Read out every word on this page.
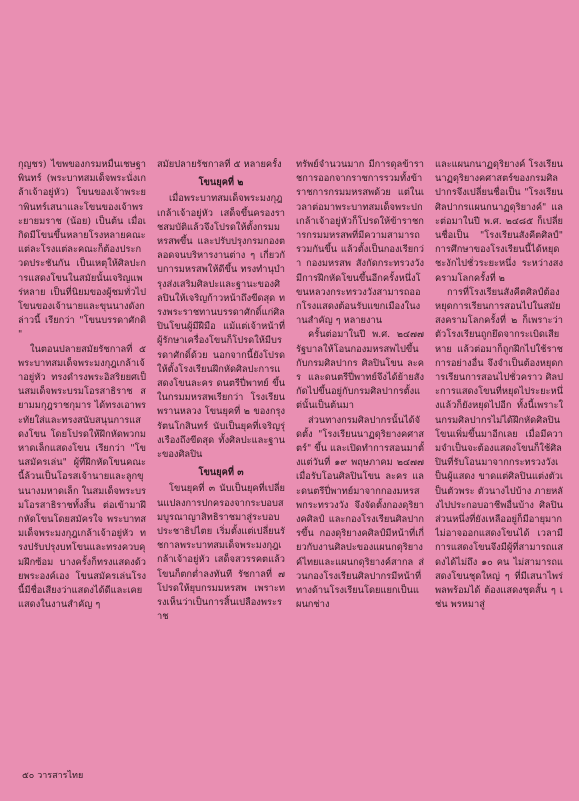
กุญชร) ไขพของกรมหมื่นเชษฐาพินทร์ (พระบาทสมเด็จพระนั่งเกล้าเจ้าอยู่หัว) โขนของเจ้าพระยาพินทร์เสนาและโขนของเจ้าพระยายมราช (น้อย) เป็นต้น เมื่อเกิดมีโขนขึ้นหลายโรงหลายคณะ แต่ละโรงแต่ละคณะก็ต้องประกวดประชันกัน เป็นเหตุให้ศิลปะการแสดงโขนในสมัยนั้นเจริญแพร่หลาย เป็นที่นิยมของผู้ชมทั่วไป โขนของเจ้านายและขุนนางดังกล่าวนี้ เรียกว่า "โขนบรรดาศักดิ์"

ในตอนปลายสมัยรัชกาลที่ ๕ พระบาทสมเด็จพระมงกุฎเกล้าเจ้าอยู่หัว ทรงดำรงพระอิสริยยศเป็นสมเด็จพระบรมโอรสาธิราช สยามมกุฎราชกุมาร ได้ทรงเอาพระทัยใส่และทรงสนับสนุนการแสดงโขน โดยโปรดให้ฝึกหัดพวกมหาดเล็กแสดงโขน เรียกว่า "โขนสมัครเล่น" ผู้ที่ฝึกหัดโขนคณะนี้ล้วนเป็นโอรสเจ้านายและลูกขุนนางมหาดเล็ก ในสมเด็จพระบรมโอรสาธิราชทั้งสิ้น ต่อเข้ามาฝึกหัดโขนโดยสมัครใจ พระบาทสมเด็จพระมงกุฎเกล้าเจ้าอยู่หัว ทรงปรับปรุงบทโขนและทรงควบคุมฝึกซ้อม บางครั้งก็ทรงแสดงด้วยพระองค์เอง โขนสมัครเล่นโรงนี้มีชื่อเสียงว่าแสดงได้ดีและเคยแสดงในงานสำคัญ ๆ

สมัยปลายรัชกาลที่ ๕ หลายครั้ง

โขนยุคที่ ๒

เมื่อพระบาทสมเด็จพระมงกุฎเกล้าเจ้าอยู่หัว เสด็จขึ้นครองราชสมบัติแล้วจึงโปรดให้ตั้งกรมมหรสพขึ้น และปรับปรุงกรมกองตลอดจนบริหารงานต่าง ๆ เกี่ยวกับการมหรสพให้ดีขึ้น ทรงทำนุบำรุงส่งเสริมศิลปะและฐานะของศิลปินให้เจริญก้าวหน้าถึงขีดสุด ทรงพระราชทานบรรดาศักดิ์แก่ศิลปินโขนผู้มีฝีมือ แม้แต่เจ้าหน้าที่ผู้รักษาเครื่องโขนก็โปรดให้มีบรรดาศักดิ์ด้วย นอกจากนี้ยังโปรดให้ตั้งโรงเรียนฝึกหัดศิลปะการแสดงโขนละคร ดนตรีปี่พาทย์ ขึ้นในกรมมหรสพเรียกว่า โรงเรียนพรานหลวง โขนยุคที่ ๒ ของกรุงรัตนโกสินทร์ นับเป็นยุคที่เจริญรุ่งเรืองถึงขีดสุด ทั้งศิลปะและฐานะของศิลปิน

โขนยุคที่ ๓

โขนยุคที่ ๓ นับเป็นยุคที่เปลี่ยนแปลงการปกครองจากระบอบสมบูรณาญาสิทธิราชมาสู่ระบอบประชาธิปไตย เริ่มตั้งแต่เปลี่ยนรัชกาลพระบาทสมเด็จพระมงกุฎเกล้าเจ้าอยู่หัว เสด็จสวรรคตแล้ว โขนก็ตกต่ำลงทันที รัชกาลที่ ๗ โปรดให้ยุบกรมมหรสพ เพราะทรงเห็นว่าเป็นการสิ้นเปลืองพระราช

ทรัพย์จำนวนมาก มีการดุลข้าราชการออกจากราชการรวมทั้งข้าราชการกรมมหรสพด้วย แต่ในเวลาต่อมาพระบาทสมเด็จพระปกเกล้าเจ้าอยู่หัวก็โปรดให้ข้าราชการกรมมหรสพที่มีความสามารถรวมกันขึ้น แล้วตั้งเป็นกองเรียกว่า กองมหรสพ สังกัดกระทรวงวังมีการฝึกหัดโขนขึ้นอีกครั้งหนึ่งโขนหลวงกระทรวงวังสามารถออกโรงแสดงต้อนรับแขกเมืองในงานสำคัญ ๆ หลายงาน

ครั้นต่อมาในปี พ.ศ. ๒๔๗๗ รัฐบาลให้โอนกองมหรสพไปขึ้นกับกรมศิลปากร ศิลปินโขน ละคร และดนตรีปี่พาทย์จึงได้ย้ายสังกัดไปขึ้นอยู่กับกรมศิลปากรตั้งแต่นั้นเป็นต้นมา

ส่วนทางกรมศิลปากรนั้นได้จัดตั้ง "โรงเรียนนาฏดุริยางคศาสตร์" ขึ้น และเปิดทำการสอนมาตั้งแต่วันที่ ๑๙ พฤษภาคม ๒๔๗๗ เมื่อรับโอนศิลปินโขน ละคร และดนตรีปี่พาทย์มาจากกองมหรสพกระทรวงวัง จึงจัดตั้งกองดุริยางคศิลป์ และกองโรงเรียนศิลปากรขึ้น กองดุริยางคศิลป์มีหน้าที่เกี่ยวกับงานศิลปะของแผนกดุริยางค์ไทยและแผนกดุริยางค์สากล ส่วนกองโรงเรียนศิลปากรมีหน้าที่ทางด้านโรงเรียนโดยแยกเป็นแผนกช่าง

และแผนกนาฏดุริยางค์ โรงเรียนนาฏดุริยางคศาสตร์ของกรมศิลปากรจึงเปลี่ยนชื่อเป็น "โรงเรียนศิลปากรแผนกนาฏดุริยางค์" และต่อมาในปี พ.ศ. ๒๔๘๕ ก็เปลี่ยนชื่อเป็น "โรงเรียนสังคีตศิลป์" การศึกษาของโรงเรียนนี้ได้หยุดชะงักไปชั่วระยะหนึ่ง ระหว่างสงครามโลกครั้งที่ ๒

การที่โรงเรียนสังคีตศิลป์ต้องหยุดการเรียนการสอนไปในสมัยสงครามโลกครั้งที่ ๒ ก็เพราะว่าตัวโรงเรียนถูกยึดจากระเบิดเสียหาย แล้วต่อมาก็ถูกฝึกไปใช้ราชการอย่างอื่น จึงจำเป็นต้องหยุดการเรียนการสอนไปชั่วคราว ศิลปะการแสดงโขนที่หยุดไประยะหนึ่งแล้วก็ยังหยุดไปอีก ทั้งนี้เพราะในกรมศิลปากรไม่ได้ฝึกหัดศิลปินโขนเพิ่มขึ้นมาอีกเลย เมื่อมีความจำเป็นจะต้องแสดงโขนก็ใช้ศิลปินที่รับโอนมาจากกระทรวงวังเป็นผู้แสดง ขาดแต่ศิลปินแต่งตัวเป็นตัวพระ ตัวนางไปบ้าง ภายหลังไปประกอบอาชีพอื่นบ้าง ศิลปินส่วนหนึ่งที่ยังเหลืออยู่ก็มีอายุมาก ไม่อาจออกแสดงโขนได้ เวลามีการแสดงโขนจึงมีผู้ที่สามารถแสดงได้ไม่ถึง ๑๐ คน ไม่สามารถแสดงโขนชุดใหญ่ ๆ ที่มีเสนาไพร่พลพร้อมได้ ต้องแสดงชุดสั้น ๆ เช่น พรหมาสู่

๕๐ วารสารไทย
